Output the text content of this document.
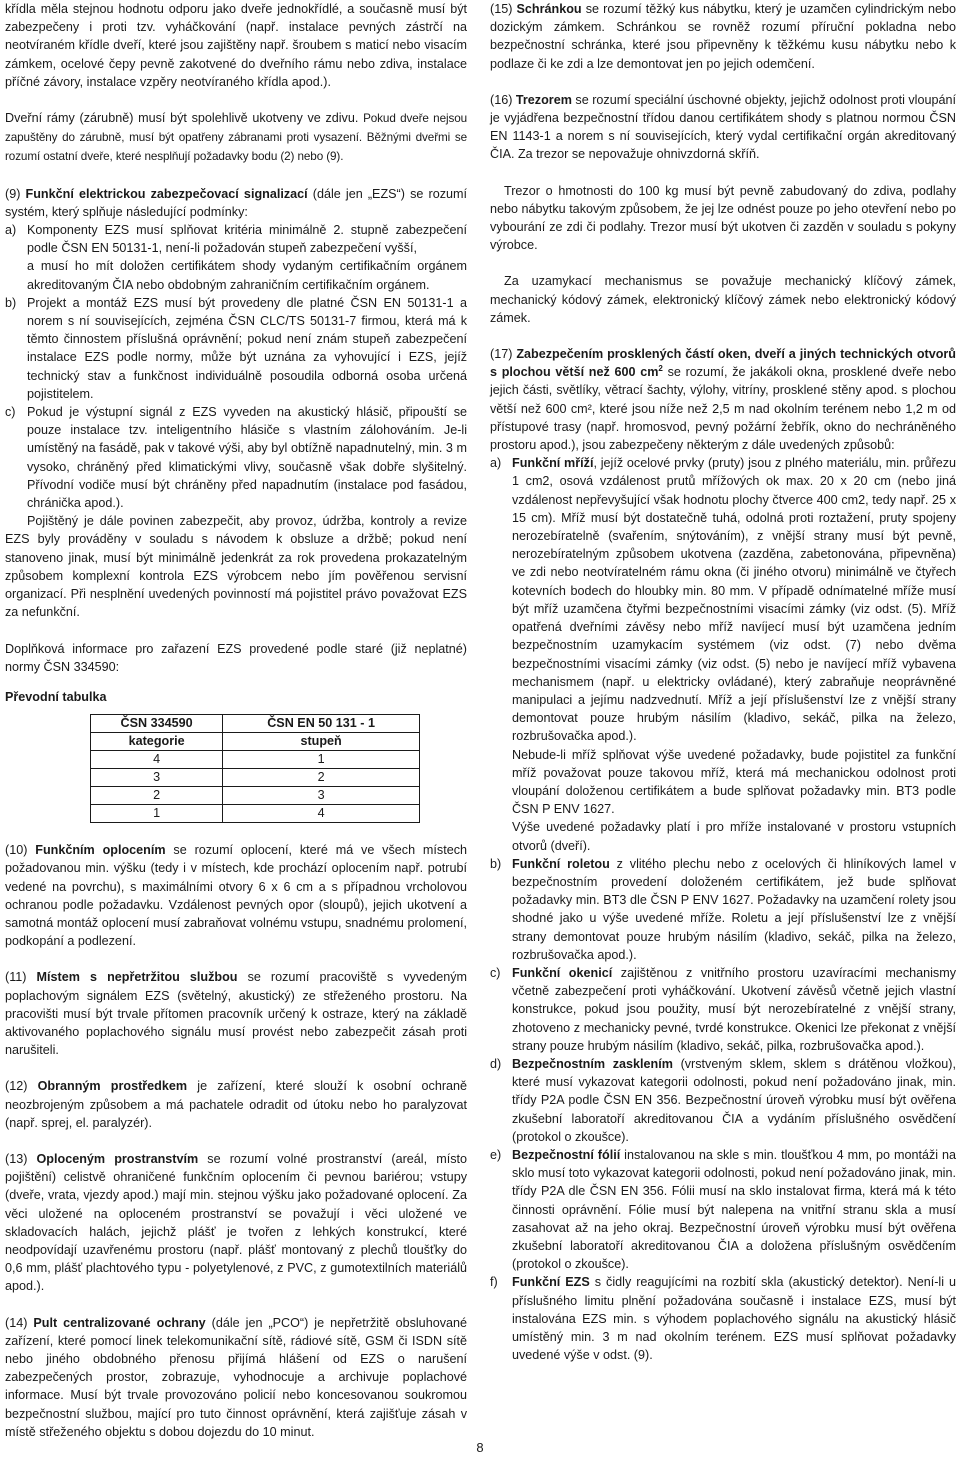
křídla měla stejnou hodnotu odporu jako dveře jednokřídlé, a současně musí být zabezpečeny i proti tzv. vyháčkování (např. instalace pevných zástrčí na neotvíraném křídle dveří, které jsou zajištěny např. šroubem s maticí nebo visacím zámkem, ocelové čepy pevně zakotvené do dveřního rámu nebo zdiva, instalace příčné závory, instalace vzpěry neotvíraného křídla apod.).

Dveřní rámy (zárubně) musí být spolehlivě ukotveny ve zdivu. Pokud dveře nejsou zapuštěny do zárubně, musí být opatřeny zábranami proti vysazení. Běžnými dveřmi se rozumí ostatní dveře, které nesplňují požadavky bodu (2) nebo (9).

(9) Funkční elektrickou zabezpečovací signalizací (dále jen „EZS“) se rozumí systém, který splňuje následující podmínky:

a) Komponenty EZS musí splňovat kritéria minimálně 2. stupně zabezpečení podle ČSN EN 50131-1, není-li požadován stupeň zabezpečení vyšší,

a musí ho mít doložen certifikátem shody vydaným certifikačním orgánem akreditovaným ČIA nebo obdobným zahraničním certifikačním orgánem.

b) Projekt a montáž EZS musí být provedeny dle platné ČSN EN 50131-1 a norem s ní souvisejících, zejména ČSN CLC/TS 50131-7 firmou, která má k těmto činnostem příslušná oprávnění; pokud není znám stupeň zabezpečení instalace EZS podle normy, může být uznána za vyhovující i EZS, jejíž technický stav a funkčnost individuálně posoudila odborná osoba určená pojistitelem.
c) Pokud je výstupní signál z EZS vyveden na akustický hlásič, připouští se pouze instalace tzv. inteligentního hlásiče s vlastním zálohováním. Je-li umístěný na fasádě, pak v takové výši, aby byl obtížně napadnutelný, min. 3 m vysoko, chráněný před klimatickými vlivy, současně však dobře slyšitelný. Přívodní vodiče musí být chráněny před napadnutím (instalace pod fasádou, chránička apod.).

Pojištěný je dále povinen zabezpečit, aby provoz, údržba, kontroly a revize EZS byly prováděny v souladu s návodem k obsluze a držbě; pokud není stanoveno jinak, musí být minimálně jedenkrát za rok provedena prokazatelným způsobem komplexní kontrola EZS výrobcem nebo jím pověřenou servisní organizací. Při nesplnění uvedených povinností má pojistitel právo považovat EZS za nefunkční.

Doplňková informace pro zařazení EZS provedené podle staré (již neplatné) normy ČSN 334590:

Převodní tabulka

ČSN 334590	ČSN EN 50 131 - 1
kategorie	stupeň
4	1
3	2
2	3
1	4

(10) Funkčním oplocením se rozumí oplocení, které má ve všech místech požadovanou min. výšku (tedy i v místech, kde prochází oplocením např. potrubí vedené na povrchu), s maximálními otvory 6 x 6 cm a s případnou vrcholovou ochranou podle požadavku. Vzdálenost pevných opor (sloupů), jejich ukotvení a samotná montáž oplocení musí zabraňovat volnému vstupu, snadnému prolomení, podkopání a podlezení.

(11) Místem s nepřetržitou službou se rozumí pracoviště s vyvedeným poplachovým signálem EZS (světelný, akustický) ze střeženého prostoru. Na pracovišti musí být trvale přítomen pracovník určený k ostraze, který na základě aktivovaného poplachového signálu musí provést nebo zabezpečit zásah proti narušiteli.

(12) Obranným prostředkem je zařízení, které slouží k osobní ochraně neozbrojeným způsobem a má pachatele odradit od útoku nebo ho paralyzovat (např. sprej, el. paralyzér).

(13) Oploceným prostranstvím se rozumí volné prostranství (areál, místo pojištění) celistvě ohraničené funkčním oplocením či pevnou bariérou; vstupy (dveře, vrata, vjezdy apod.) mají min. stejnou výšku jako požadované oplocení. Za věci uložené na oploceném prostranství se považují i věci uložené ve skladovacích halách, jejichž plášť je tvořen z lehkých konstrukcí, které neodpovídají uzavřenému prostoru (např. plášť montovaný z plechů tloušťky do 0,6 mm, plášť plachtového typu - polyetylenové, z PVC, z gumotextilních materiálů apod.).

(14) Pult centralizované ochrany (dále jen „PCO“) je nepřetržitě obsluhované zařízení, které pomocí linek telekomunikační sítě, rádiové sítě, GSM či ISDN sítě nebo jiného obdobného přenosu přijímá hlášení od EZS o narušení zabezpečených prostor, zobrazuje, vyhodnocuje a archivuje poplachové informace. Musí být trvale provozováno policií nebo koncesovanou soukromou bezpečnostní službou, mající pro tuto činnost oprávnění, která zajišťuje zásah v místě střeženého objektu s dobou dojezdu do 10 minut.

(15) Schránkou se rozumí těžký kus nábytku, který je uzamčen cylindrickým nebo dozickým zámkem. Schránkou se rovněž rozumí příruční pokladna nebo bezpečnostní schránka, které jsou připevněny k těžkému kusu nábytku nebo k podlaze či ke zdi a lze demontovat jen po jejich odemčení.

(16) Trezorem se rozumí speciální úschovné objekty, jejichž odolnost proti vloupání je vyjádřena bezpečnostní třídou danou certifikátem shody s platnou normou ČSN EN 1143-1 a norem s ní souvisejících, který vydal certifikační orgán akreditovaný ČIA. Za trezor se nepovažuje ohnivzdorná skříň.

Trezor o hmotnosti do 100 kg musí být pevně zabudovaný do zdiva, podlahy nebo nábytku takovým způsobem, že jej lze odnést pouze po jeho otevření nebo po vybourání ze zdi či podlahy. Trezor musí být ukotven či zazděn v souladu s pokyny výrobce.

Za uzamykací mechanismus se považuje mechanický klíčový zámek, mechanický kódový zámek, elektronický klíčový zámek nebo elektronický kódový zámek.

(17) Zabezpečením prosklených částí oken, dveří a jiných technických otvorů s plochou větší než 600 $cm^2$ se rozumí, že jakákoli okna, prosklené dveře nebo jejich části, světlíky, větrací šachty, výlohy, vitríny, prosklené stěny apod. s plochou větší než 600 cm², které jsou níže než 2,5 m nad okolním terénem nebo 1,2 m od přístupové trasy (např. hromosvod, pevný požární žebřík, okno do nechráněného prostoru apod.), jsou zabezpečeny některým z dále uvedených způsobů:

a) Funkční mříží, jejíž ocelové prvky (pruty) jsou z plného materiálu, min. průřezu 1 cm2, osová vzdálenost prutů mřížových ok max. 20 x 20 cm (nebo jiná vzdálenost nepřevyšující však hodnotu plochy čtverce 400 cm2, tedy např. 25 x 15 cm). Mříž musí být dostatečně tuhá, odolná proti roztažení, pruty spojeny nerozebíratelně (svařením, snýtováním), z vnější strany musí být pevně, nerozebíratelným způsobem ukotvena (zazděna, zabetonována, připevněna) ve zdi nebo neotvíratelném rámu okna (či jiného otvoru) minimálně ve čtyřech kotevních bodech do hloubky min. 80 mm. V případě odnímatelné mříže musí být mříž uzamčena čtyřmi bezpečnostními visacími zámky (viz odst. (5). Mříž opatřená dveřními závěsy nebo mříž navíjecí musí být uzamčena jedním bezpečnostním uzamykacím systémem (viz odst. (7) nebo dvěma bezpečnostními visacími zámky (viz odst. (5) nebo je navíjecí mříž vybavena mechanismem (např. u elektricky ovládané), který zabraňuje neoprávněné manipulaci a jejímu nadzvednutí. Mříž a její příslušenství lze z vnější strany demontovat pouze hrubým násilím (kladivo, sekáč, pilka na železo, rozbrušovačka apod.).

Nebude-li mříž splňovat výše uvedené požadavky, bude pojistitel za funkční mříž považovat pouze takovou mříž, která má mechanickou odolnost proti vloupání doloženou certifikátem a bude splňovat požadavky min. BT3 podle ČSN P ENV 1627.

Výše uvedené požadavky platí i pro mříže instalované v prostoru vstupních otvorů (dveří).

b) Funkční roletou z vlitého plechu nebo z ocelových či hliníkových lamel v bezpečnostním provedení doloženém certifikátem, jež bude splňovat požadavky min. BT3 dle ČSN P ENV 1627. Požadavky na uzamčení rolety jsou shodné jako u výše uvedené mříže. Roletu a její příslušenství lze z vnější strany demontovat pouze hrubým násilím (kladivo, sekáč, pilka na železo, rozbrušovačka apod.).
c) Funkční okenicí zajištěnou z vnitřního prostoru uzavíracími mechanismy včetně zabezpečení proti vyháčkování. Ukotvení závěsů včetně jejich vlastní konstrukce, pokud jsou použity, musí být nerozebíratelné z vnější strany, zhotoveno z mechanicky pevné, tvrdé konstrukce. Okenici lze překonat z vnější strany pouze hrubým násilím (kladivo, sekáč, pilka, rozbrušovačka apod.).
d) Bezpečnostním zasklením (vrstveným sklem, sklem s drátěnou vložkou), které musí vykazovat kategorii odolnosti, pokud není požadováno jinak, min. třídy P2A podle ČSN EN 356. Bezpečnostní úroveň výrobku musí být ověřena zkušební laboratoří akreditovanou ČIA a vydáním příslušného osvědčení (protokol o zkoušce).
e) Bezpečnostní fólií instalovanou na skle s min. tloušťkou 4 mm, po montáži na sklo musí toto vykazovat kategorii odolnosti, pokud není požadováno jinak, min. třídy P2A dle ČSN EN 356. Fólii musí na sklo instalovat firma, která má k této činnosti oprávnění. Fólie musí být nalepena na vnitřní stranu skla a musí zasahovat až na jeho okraj. Bezpečnostní úroveň výrobku musí být ověřena zkušební laboratoří akreditovanou ČIA a doložena příslušným osvědčením (protokol o zkoušce).
f)	Funkční EZS s čidly reagujícími na rozbití skla (akustický detektor). Není-li u příslušného limitu plnění požadována současně i instalace EZS, musí být instalována EZS min. s výhodem poplachového signálu na akustický hlásič umístěný min. 3 m nad okolním terénem. EZS musí splňovat požadavky uvedené výše v odst. (9).
8
